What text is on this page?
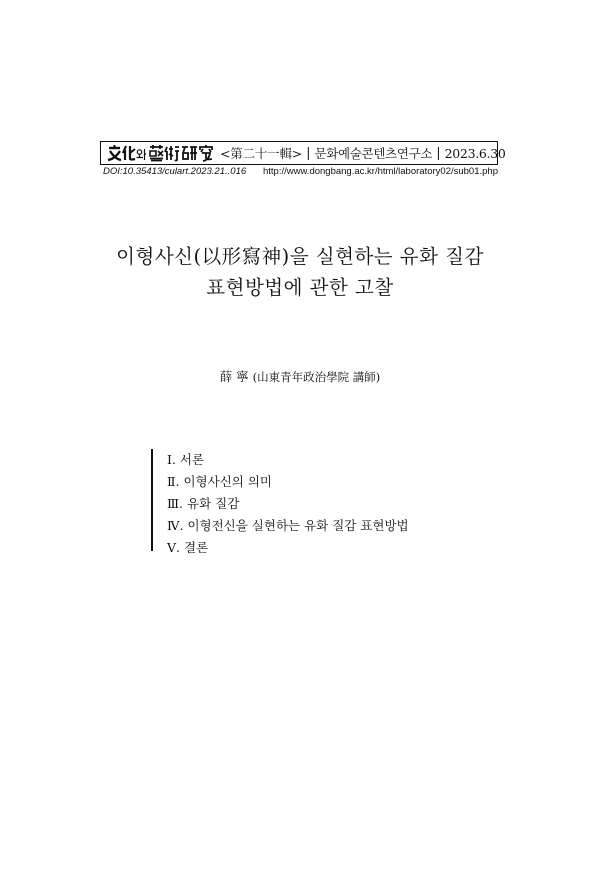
<第二十一輯> | 문화예술콘텐츠연구소 | 2023.6.30
DOI:10.35413/culart.2023.21..016 http://www.dongbang.ac.kr/html/laboratory02/sub01.php
이형사신(以形寫神)을 실현하는 유화 질감
표현방법에 관한 고찰
薛 寧 (山東青年政治學院 講師)
Ⅰ. 서론
Ⅱ. 이형사신의 의미
Ⅲ. 유화 질감
Ⅳ. 이형전신을 실현하는 유화 질감 표현방법
Ⅴ. 결론
